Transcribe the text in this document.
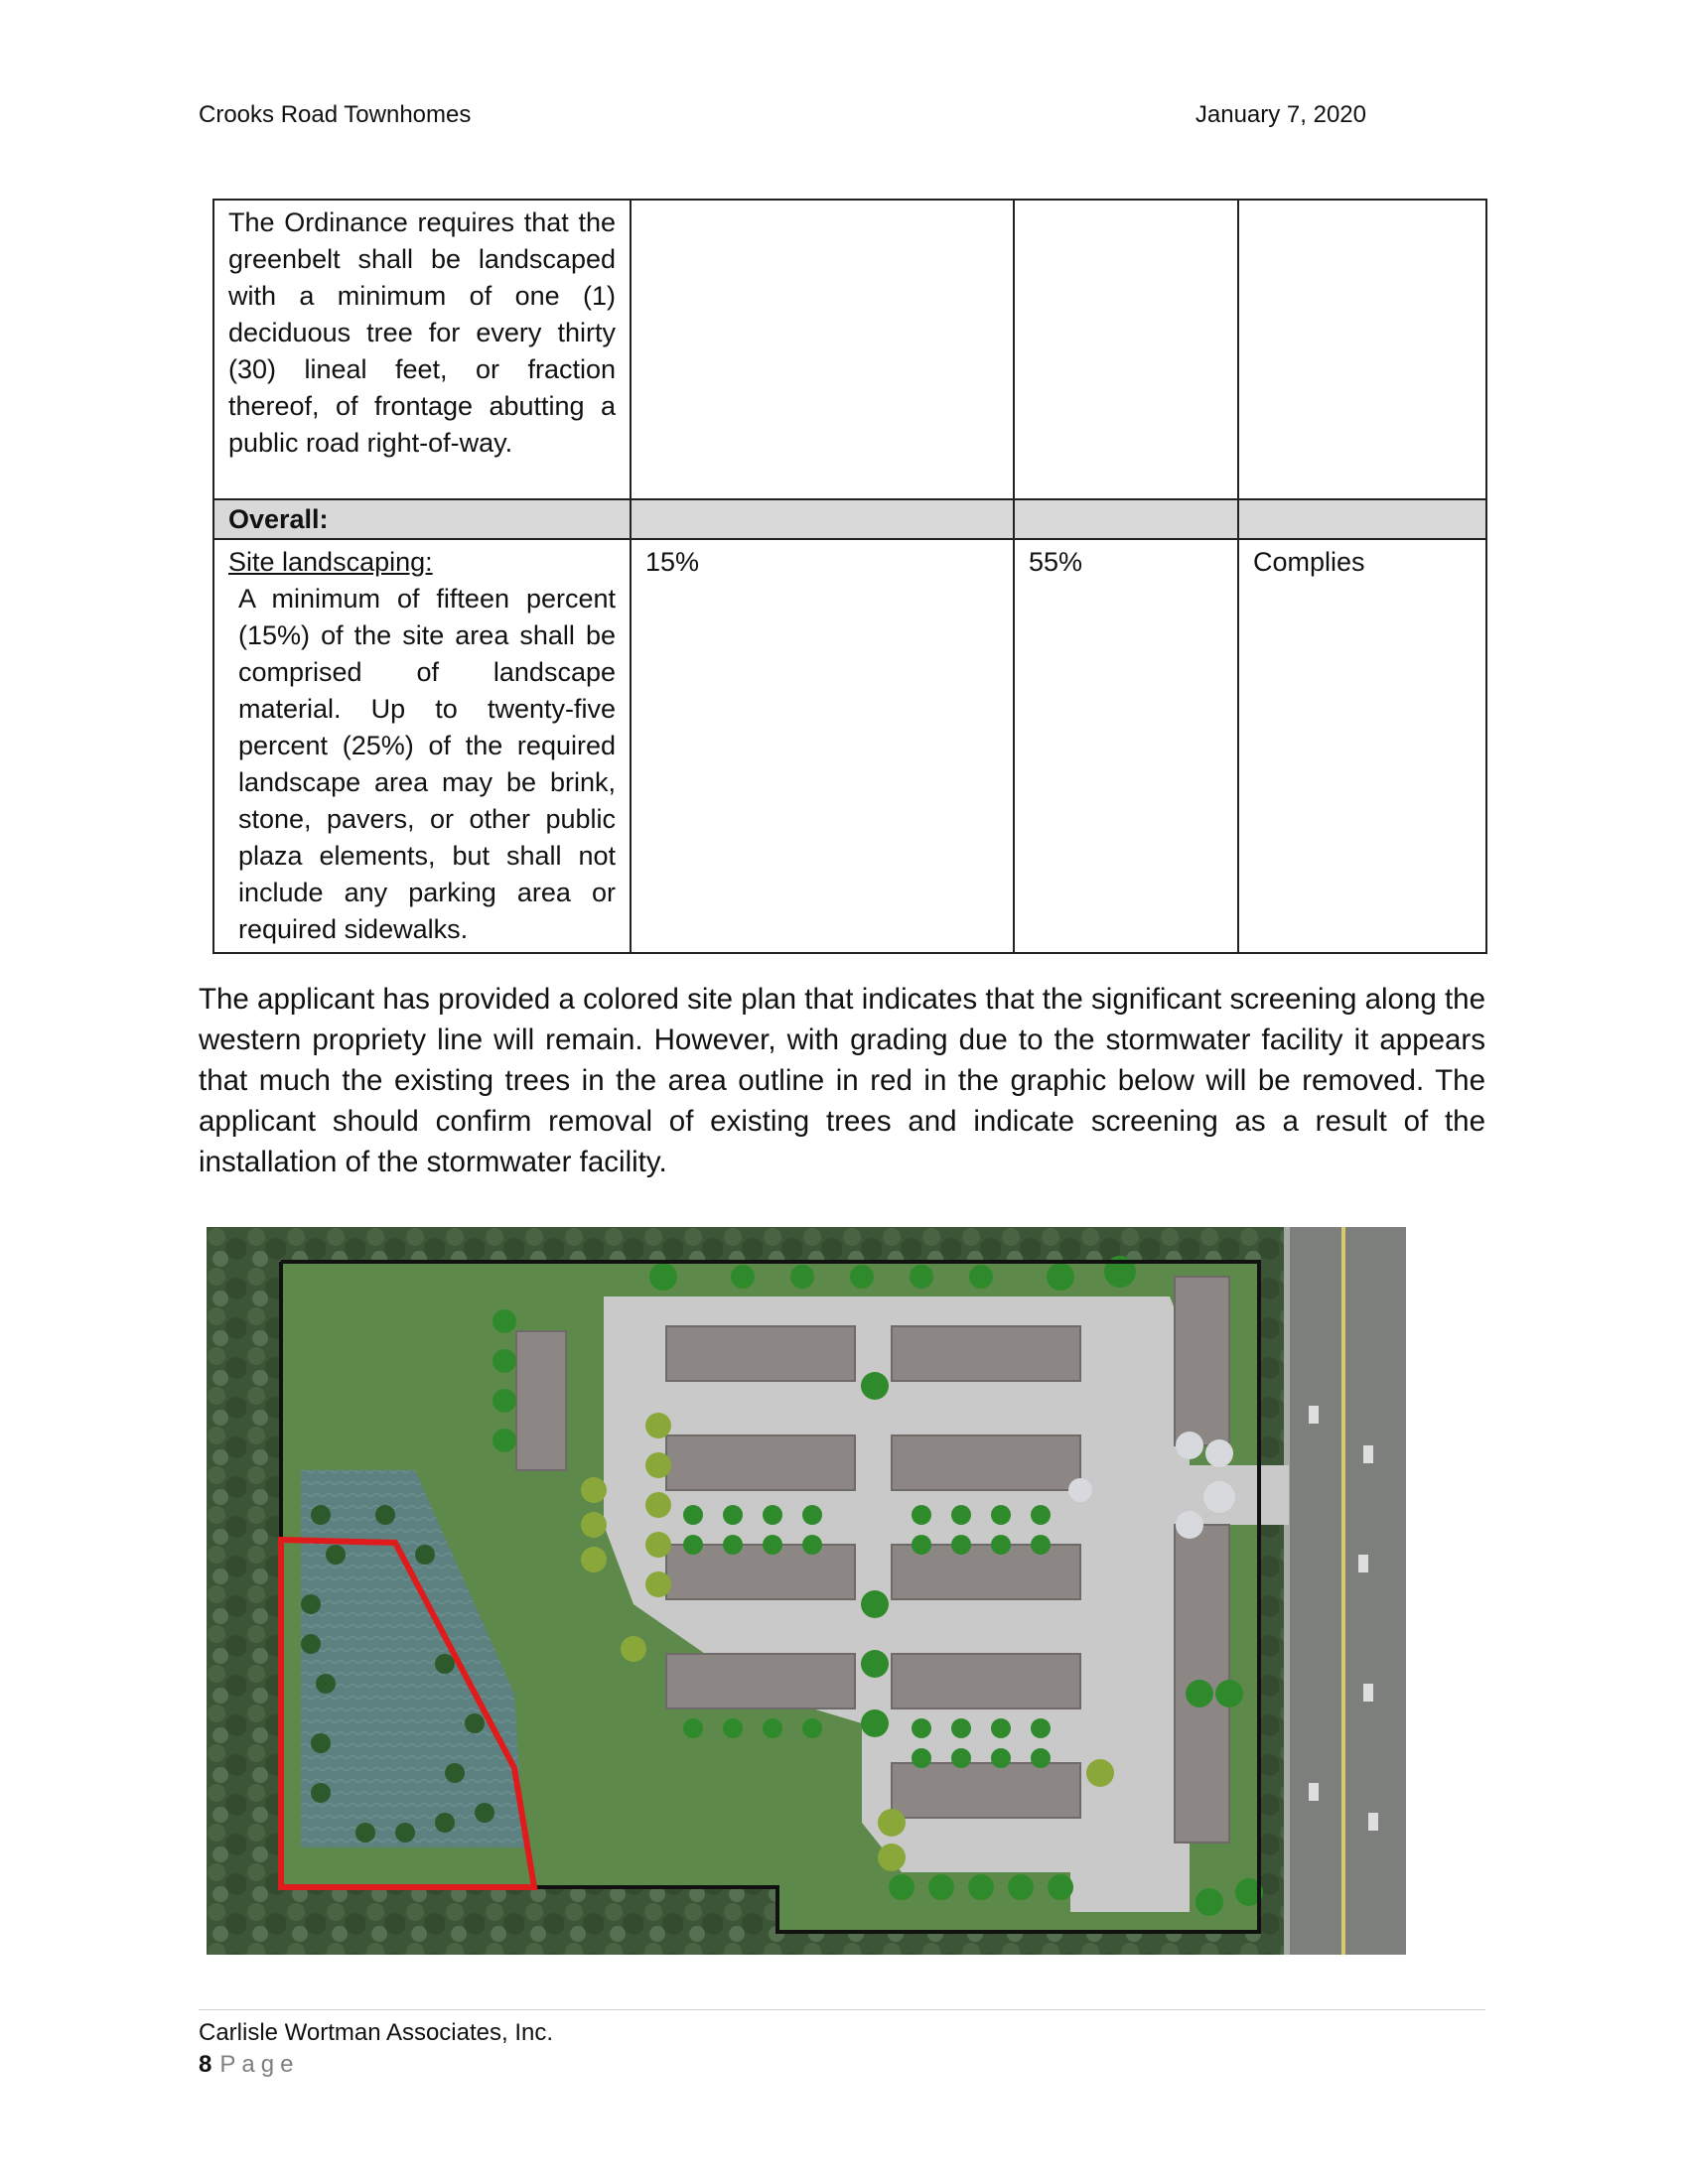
Crooks Road Townhomes	January 7, 2020
The Ordinance requires that the greenbelt shall be landscaped with a minimum of one (1) deciduous tree for every thirty (30) lineal feet, or fraction thereof, of frontage abutting a public road right-of-way.			
Overall:			
Site landscaping:
A minimum of fifteen percent (15%) of the site area shall be comprised of landscape material. Up to twenty-five percent (25%) of the required landscape area may be brink, stone, pavers, or other public plaza elements, but shall not include any parking area or required sidewalks.	15%	55%	Complies

The applicant has provided a colored site plan that indicates that the significant screening along the western propriety line will remain. However, with grading due to the stormwater facility it appears that much the existing trees in the area outline in red in the graphic below will be removed. The applicant should confirm removal of existing trees and indicate screening as a result of the installation of the stormwater facility.

Carlisle Wortman Associates, Inc.
8 Page
